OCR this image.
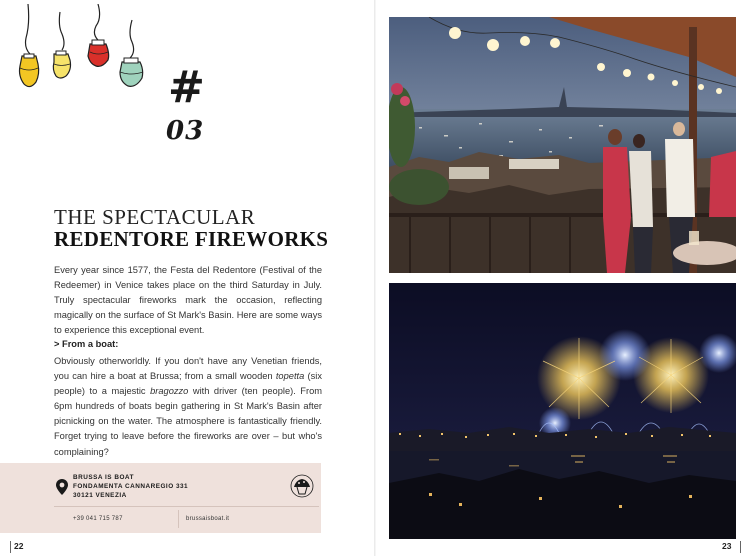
#
03
THE SPECTACULAR
REDENTORE FIREWORKS
Every year since 1577, the Festa del Redentore (Festival of the Redeemer) in Venice takes place on the third Saturday in July. Truly spectacular fireworks mark the occasion, reflecting magically on the surface of St Mark's Basin. Here are some ways to experience this exceptional event.
> From a boat:
Obviously otherworldly. If you don't have any Venetian friends, you can hire a boat at Brussa; from a small wooden topetta (six people) to a majestic bragozzo with driver (ten people). From 6pm hundreds of boats begin gathering in St Mark's Basin after picnicking on the water. The atmosphere is fantastically friendly. Forget trying to leave before the fireworks are over – but who's complaining?
BRUSSA IS BOAT
FONDAMENTA CANNAREGIO 331
30121 VENEZIA
+39 041 715 787	brussaisboat.it
22	23
